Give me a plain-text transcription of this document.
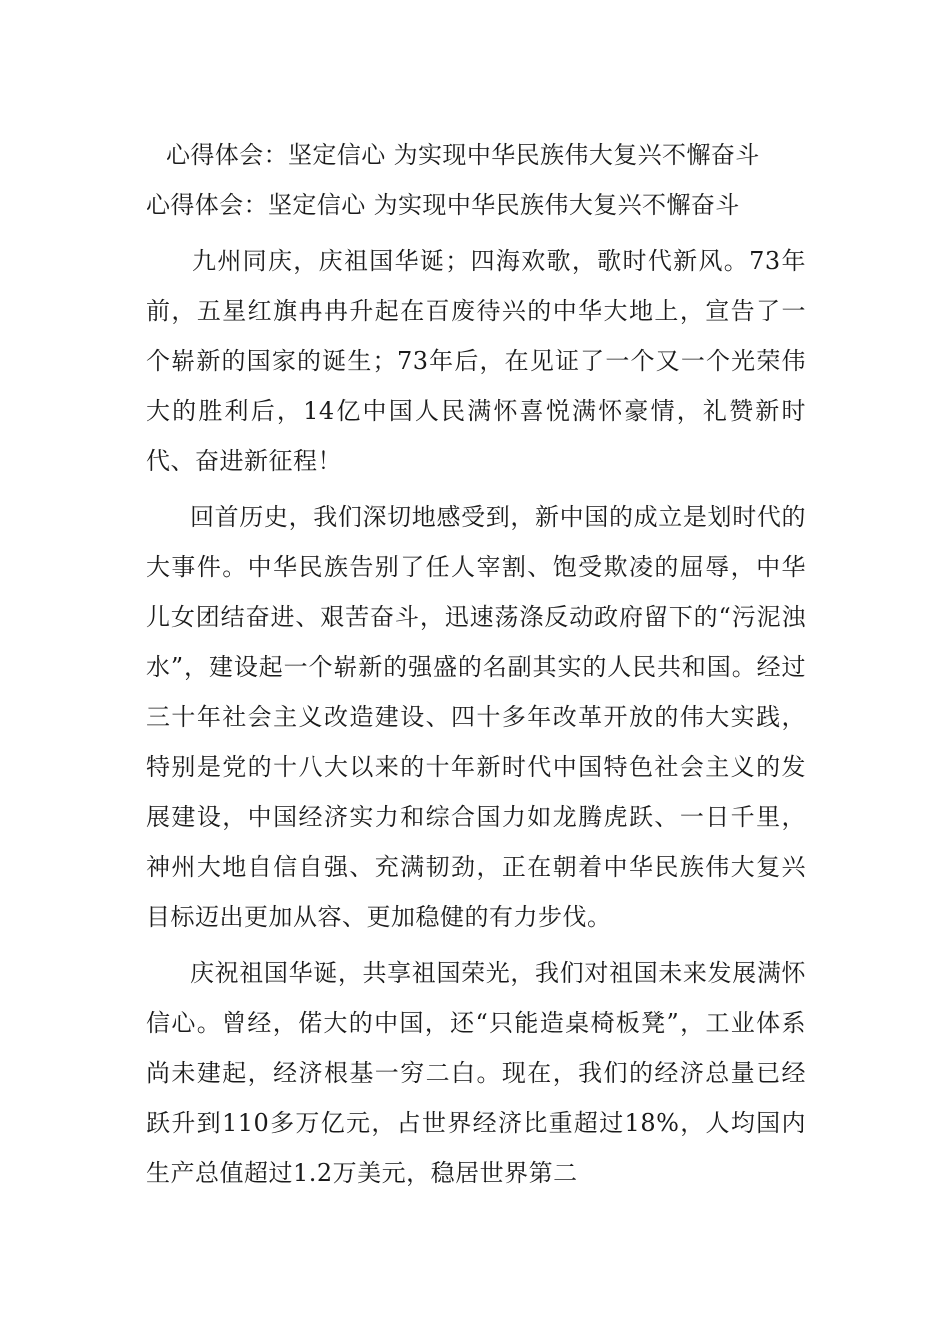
心得体会：坚定信心 为实现中华民族伟大复兴不懈奋斗

心得体会：坚定信心 为实现中华民族伟大复兴不懈奋斗

九州同庆，庆祖国华诞；四海欢歌，歌时代新风。73年前，五星红旗冉冉升起在百废待兴的中华大地上，宣告了一个崭新的国家的诞生；73年后，在见证了一个又一个光荣伟大的胜利后，14亿中国人民满怀喜悦满怀豪情，礼赞新时代、奋进新征程！

回首历史，我们深切地感受到，新中国的成立是划时代的大事件。中华民族告别了任人宰割、饱受欺凌的屈辱，中华儿女团结奋进、艰苦奋斗，迅速荡涤反动政府留下的“污泥浊水”，建设起一个崭新的强盛的名副其实的人民共和国。经过三十年社会主义改造建设、四十多年改革开放的伟大实践，特别是党的十八大以来的十年新时代中国特色社会主义的发展建设，中国经济实力和综合国力如龙腾虎跃、一日千里，神州大地自信自强、充满韧劲，正在朝着中华民族伟大复兴目标迈出更加从容、更加稳健的有力步伐。

庆祝祖国华诞，共享祖国荣光，我们对祖国未来发展满怀信心。曾经，偌大的中国，还“只能造桌椅板凳”，工业体系尚未建起，经济根基一穷二白。现在，我们的经济总量已经跃升到110多万亿元，占世界经济比重超过18%，人均国内生产总值超过1.2万美元，稳居世界第二
